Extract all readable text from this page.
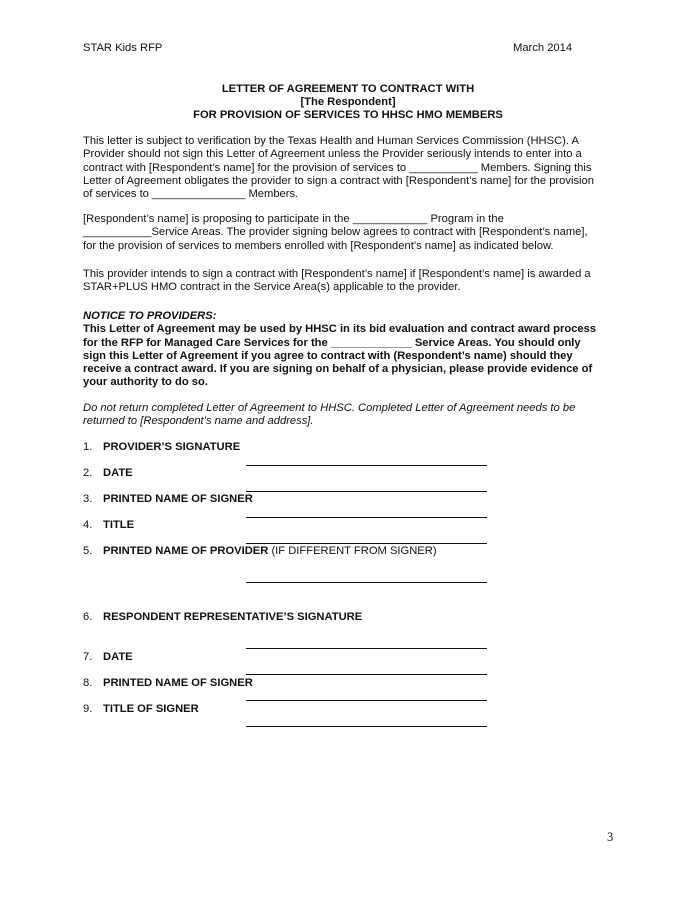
STAR Kids RFP	March 2014
LETTER OF AGREEMENT TO CONTRACT WITH
[The Respondent]
FOR PROVISION OF SERVICES TO HHSC HMO MEMBERS
This letter is subject to verification by the Texas Health and Human Services Commission (HHSC). A
Provider should not sign this Letter of Agreement unless the Provider seriously intends to enter into a
contract with [Respondent’s name] for the provision of services to ___________ Members. Signing this
Letter of Agreement obligates the provider to sign a contract with [Respondent’s name] for the provision
of services to _______________ Members.
[Respondent’s name] is proposing to participate in the ____________ Program in the
___________Service Areas. The provider signing below agrees to contract with [Respondent’s name],
for the provision of services to members enrolled with [Respondent’s name] as indicated below.
This provider intends to sign a contract with [Respondent’s name] if [Respondent’s name] is awarded a
STAR+PLUS HMO contract in the Service Area(s) applicable to the provider.
NOTICE TO PROVIDERS:
This Letter of Agreement may be used by HHSC in its bid evaluation and contract award process
for the RFP for Managed Care Services for the _____________ Service Areas. You should only
sign this Letter of Agreement if you agree to contract with (Respondent’s name) should they
receive a contract award. If you are signing on behalf of a physician, please provide evidence of
your authority to do so.
Do not return completed Letter of Agreement to HHSC. Completed Letter of Agreement needs to be
returned to [Respondent’s name and address].
1. PROVIDER’S SIGNATURE
2. DATE
3. PRINTED NAME OF SIGNER
4. TITLE
5. PRINTED NAME OF PROVIDER (IF DIFFERENT FROM SIGNER)
6. RESPONDENT REPRESENTATIVE’S SIGNATURE
7. DATE
8. PRINTED NAME OF SIGNER
9. TITLE OF SIGNER
3
